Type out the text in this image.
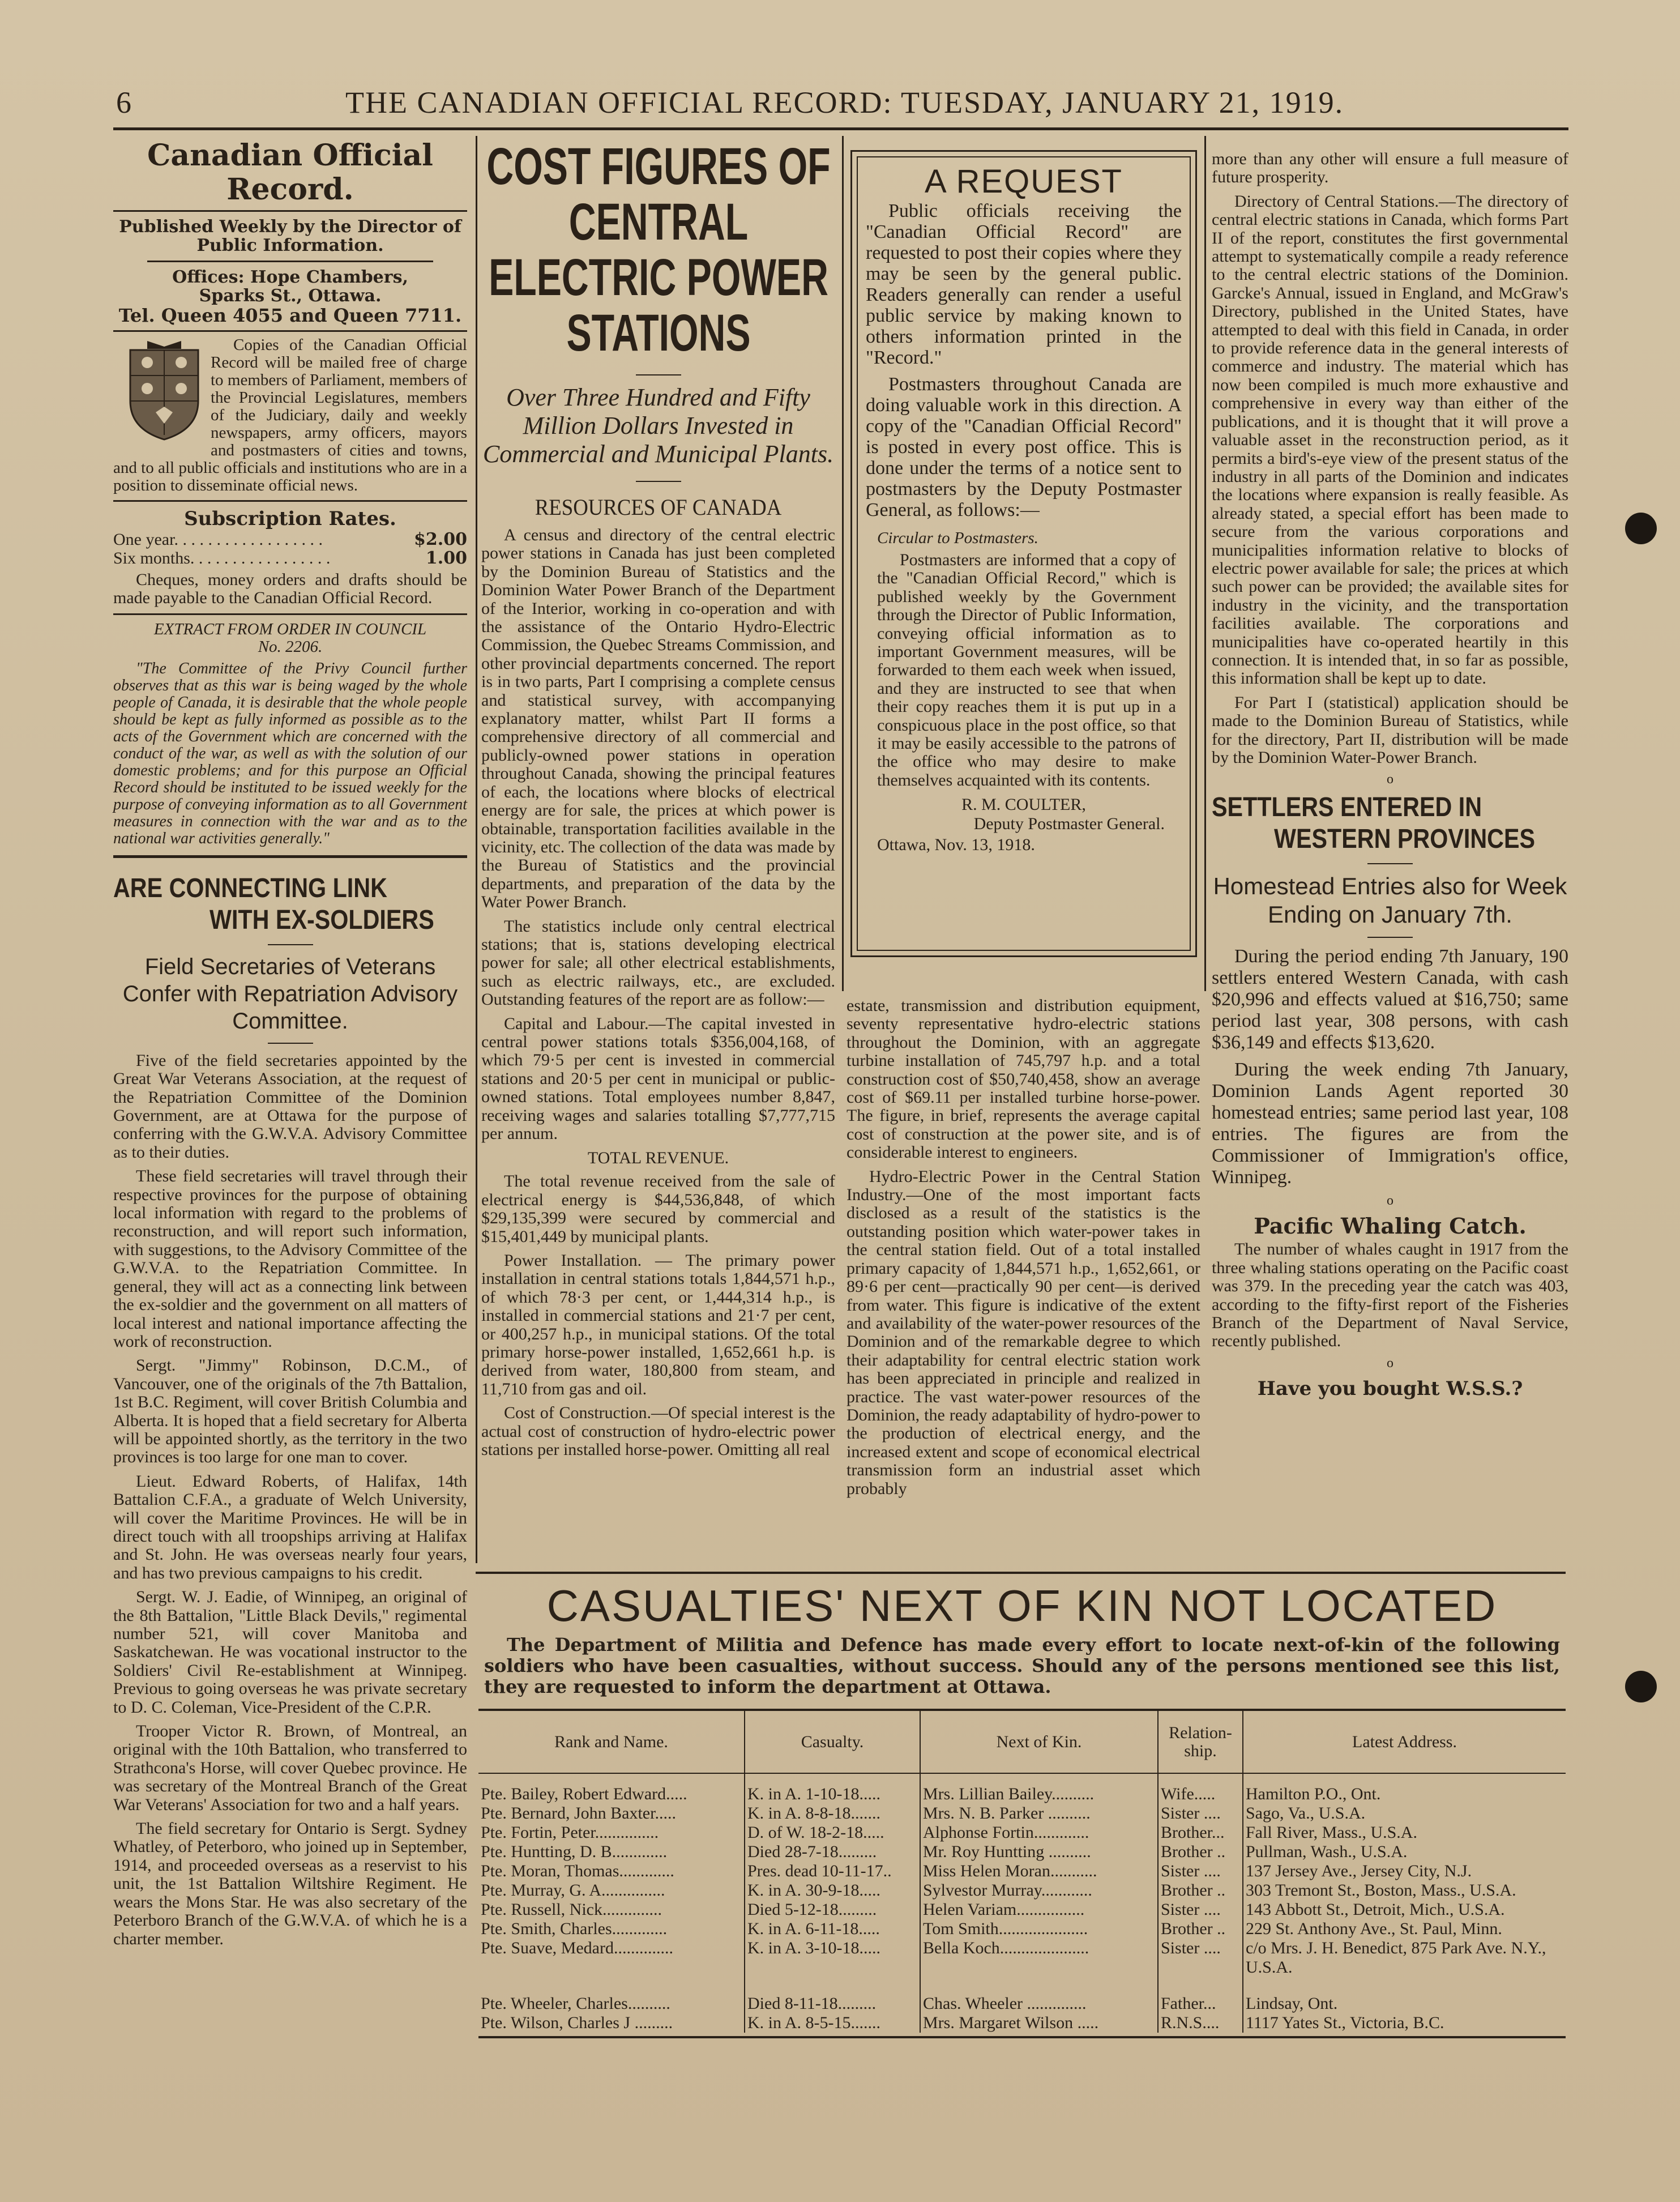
6	THE CANADIAN OFFICIAL RECORD: TUESDAY, JANUARY 21, 1919.
Canadian Official Record.
Published Weekly by the Director of Public Information.
Offices: Hope Chambers,
Sparks St., Ottawa.
Tel. Queen 4055 and Queen 7711.

Copies of the Canadian Official Record will be mailed free of charge to members of Parliament, members of the Provincial Legislatures, members of the Judiciary, daily and weekly newspapers, army officers, mayors and postmasters of cities and towns, and to all public officials and institutions who are in a position to disseminate official news.

Subscription Rates.
One year. . . . . . . . . . . . . . . . . .	$2.00
Six months. . . . . . . . . . . . . . . . .	1.00

Cheques, money orders and drafts should be made payable to the Canadian Official Record.

EXTRACT FROM ORDER IN COUNCIL
No. 2206.

"The Committee of the Privy Council further observes that as this war is being waged by the whole people of Canada, it is desirable that the whole people should be kept as fully informed as possible as to the acts of the Government which are concerned with the conduct of the war, as well as with the solution of our domestic problems; and for this purpose an Official Record should be instituted to be issued weekly for the purpose of conveying information as to all Government measures in connection with the war and as to the national war activities generally."

ARE CONNECTING LINK
WITH EX-SOLDIERS
Field Secretaries of Veterans Confer with Repatriation Advisory Committee.

Five of the field secretaries appointed by the Great War Veterans Association, at the request of the Repatriation Committee of the Dominion Government, are at Ottawa for the purpose of conferring with the G.W.V.A. Advisory Committee as to their duties.

These field secretaries will travel through their respective provinces for the purpose of obtaining local information with regard to the problems of reconstruction, and will report such information, with suggestions, to the Advisory Committee of the G.W.V.A. to the Repatriation Committee. In general, they will act as a connecting link between the ex-soldier and the government on all matters of local interest and national importance affecting the work of reconstruction.

Sergt. "Jimmy" Robinson, D.C.M., of Vancouver, one of the originals of the 7th Battalion, 1st B.C. Regiment, will cover British Columbia and Alberta. It is hoped that a field secretary for Alberta will be appointed shortly, as the territory in the two provinces is too large for one man to cover.

Lieut. Edward Roberts, of Halifax, 14th Battalion C.F.A., a graduate of Welch University, will cover the Maritime Provinces. He will be in direct touch with all troopships arriving at Halifax and St. John. He was overseas nearly four years, and has two previous campaigns to his credit.

Sergt. W. J. Eadie, of Winnipeg, an original of the 8th Battalion, "Little Black Devils," regimental number 521, will cover Manitoba and Saskatchewan. He was vocational instructor to the Soldiers' Civil Re-establishment at Winnipeg. Previous to going overseas he was private secretary to D. C. Coleman, Vice-President of the C.P.R.

Trooper Victor R. Brown, of Montreal, an original with the 10th Battalion, who transferred to Strathcona's Horse, will cover Quebec province. He was secretary of the Montreal Branch of the Great War Veterans' Association for two and a half years.

The field secretary for Ontario is Sergt. Sydney Whatley, of Peterboro, who joined up in September, 1914, and proceeded overseas as a reservist to his unit, the 1st Battalion Wiltshire Regiment. He wears the Mons Star. He was also secretary of the Peterboro Branch of the G.W.V.A. of which he is a charter member.

COST FIGURES OF CENTRAL ELECTRIC POWER STATIONS
Over Three Hundred and Fifty Million Dollars Invested in Commercial and Municipal Plants.
RESOURCES OF CANADA

A census and directory of the central electric power stations in Canada has just been completed by the Dominion Bureau of Statistics and the Dominion Water Power Branch of the Department of the Interior, working in co-operation and with the assistance of the Ontario Hydro-Electric Commission, the Quebec Streams Commission, and other provincial departments concerned. The report is in two parts, Part I comprising a complete census and statistical survey, with accompanying explanatory matter, whilst Part II forms a comprehensive directory of all commercial and publicly-owned power stations in operation throughout Canada, showing the principal features of each, the locations where blocks of electrical energy are for sale, the prices at which power is obtainable, transportation facilities available in the vicinity, etc. The collection of the data was made by the Bureau of Statistics and the provincial departments, and preparation of the data by the Water Power Branch.

The statistics include only central electrical stations; that is, stations developing electrical power for sale; all other electrical establishments, such as electric railways, etc., are excluded. Outstanding features of the report are as follow:—

Capital and Labour.—The capital invested in central power stations totals $356,004,168, of which 79·5 per cent is invested in commercial stations and 20·5 per cent in municipal or public-owned stations. Total employees number 8,847, receiving wages and salaries totalling $7,777,715 per annum.

TOTAL REVENUE.

The total revenue received from the sale of electrical energy is $44,536,848, of which $29,135,399 were secured by commercial and $15,401,449 by municipal plants.

Power Installation. — The primary power installation in central stations totals 1,844,571 h.p., of which 78·3 per cent, or 1,444,314 h.p., is installed in commercial stations and 21·7 per cent, or 400,257 h.p., in municipal stations. Of the total primary horse-power installed, 1,652,661 h.p. is derived from water, 180,800 from steam, and 11,710 from gas and oil.

Cost of Construction.—Of special interest is the actual cost of construction of hydro-electric power stations per installed horse-power. Omitting all real

A REQUEST

Public officials receiving the "Canadian Official Record" are requested to post their copies where they may be seen by the general public. Readers generally can render a useful public service by making known to others information printed in the "Record."

Postmasters throughout Canada are doing valuable work in this direction. A copy of the "Canadian Official Record" is posted in every post office. This is done under the terms of a notice sent to postmasters by the Deputy Postmaster General, as follows:—

Circular to Postmasters.

Postmasters are informed that a copy of the "Canadian Official Record," which is published weekly by the Government through the Director of Public Information, conveying official information as to important Government measures, will be forwarded to them each week when issued, and they are instructed to see that when their copy reaches them it is put up in a conspicuous place in the post office, so that it may be easily accessible to the patrons of the office who may desire to make themselves acquainted with its contents.

R. M. COULTER,
Deputy Postmaster General.
Ottawa, Nov. 13, 1918.

estate, transmission and distribution equipment, seventy representative hydro-electric stations throughout the Dominion, with an aggregate turbine installation of 745,797 h.p. and a total construction cost of $50,740,458, show an average cost of $69.11 per installed turbine horse-power. The figure, in brief, represents the average capital cost of construction at the power site, and is of considerable interest to engineers.

Hydro-Electric Power in the Central Station Industry.—One of the most important facts disclosed as a result of the statistics is the outstanding position which water-power takes in the central station field. Out of a total installed primary capacity of 1,844,571 h.p., 1,652,661, or 89·6 per cent—practically 90 per cent—is derived from water. This figure is indicative of the extent and availability of the water-power resources of the Dominion and of the remarkable degree to which their adaptability for central electric station work has been appreciated in principle and realized in practice. The vast water-power resources of the Dominion, the ready adaptability of hydro-power to the production of electrical energy, and the increased extent and scope of economical electrical transmission form an industrial asset which probably

more than any other will ensure a full measure of future prosperity.

Directory of Central Stations.—The directory of central electric stations in Canada, which forms Part II of the report, constitutes the first governmental attempt to systematically compile a ready reference to the central electric stations of the Dominion. Garcke's Annual, issued in England, and McGraw's Directory, published in the United States, have attempted to deal with this field in Canada, in order to provide reference data in the general interests of commerce and industry. The material which has now been compiled is much more exhaustive and comprehensive in every way than either of the publications, and it is thought that it will prove a valuable asset in the reconstruction period, as it permits a bird's-eye view of the present status of the industry in all parts of the Dominion and indicates the locations where expansion is really feasible. As already stated, a special effort has been made to secure from the various corporations and municipalities information relative to blocks of electric power available for sale; the prices at which such power can be provided; the available sites for industry in the vicinity, and the transportation facilities available. The corporations and municipalities have co-operated heartily in this connection. It is intended that, in so far as possible, this information shall be kept up to date.

For Part I (statistical) application should be made to the Dominion Bureau of Statistics, while for the directory, Part II, distribution will be made by the Dominion Water-Power Branch.

o
SETTLERS ENTERED IN
WESTERN PROVINCES
Homestead Entries also for Week Ending on January 7th.

During the period ending 7th January, 190 settlers entered Western Canada, with cash $20,996 and effects valued at $16,750; same period last year, 308 persons, with cash $36,149 and effects $13,620.

During the week ending 7th January, Dominion Lands Agent reported 30 homestead entries; same period last year, 108 entries. The figures are from the Commissioner of Immigration's office, Winnipeg.

o
Pacific Whaling Catch.

The number of whales caught in 1917 from the three whaling stations operating on the Pacific coast was 379. In the preceding year the catch was 403, according to the fifty-first report of the Fisheries Branch of the Department of Naval Service, recently published.

o
Have you bought W.S.S.?
CASUALTIES' NEXT OF KIN NOT LOCATED

The Department of Militia and Defence has made every effort to locate next-of-kin of the following soldiers who have been casualties, without success. Should any of the persons mentioned see this list, they are requested to inform the department at Ottawa.

Rank and Name.	Casualty.	Next of Kin.	Relation-ship.	Latest Address.

Pte. Bailey, Robert Edward.....	K. in A. 1-10-18.....	Mrs. Lillian Bailey..........	Wife.....	Hamilton P.O., Ont.
Pte. Bernard, John Baxter.....	K. in A. 8-8-18.......	Mrs. N. B. Parker ..........	Sister ....	Sago, Va., U.S.A.
Pte. Fortin, Peter...............	D. of W. 18-2-18.....	Alphonse Fortin.............	Brother...	Fall River, Mass., U.S.A.
Pte. Huntting, D. B.............	Died 28-7-18.........	Mr. Roy Huntting ..........	Brother ..	Pullman, Wash., U.S.A.
Pte. Moran, Thomas.............	Pres. dead 10-11-17..	Miss Helen Moran...........	Sister ....	137 Jersey Ave., Jersey City, N.J.
Pte. Murray, G. A...............	K. in A. 30-9-18.....	Sylvestor Murray............	Brother ..	303 Tremont St., Boston, Mass., U.S.A.
Pte. Russell, Nick..............	Died 5-12-18.........	Helen Variam................	Sister ....	143 Abbott St., Detroit, Mich., U.S.A.
Pte. Smith, Charles.............	K. in A. 6-11-18.....	Tom Smith.....................	Brother ..	229 St. Anthony Ave., St. Paul, Minn.
Pte. Suave, Medard..............	K. in A. 3-10-18.....	Bella Koch.....................	Sister ....	c/o Mrs. J. H. Benedict, 875 Park Ave. N.Y., U.S.A.
Pte. Wheeler, Charles..........	Died 8-11-18.........	Chas. Wheeler ..............	Father...	Lindsay, Ont.
Pte. Wilson, Charles J .........	K. in A. 8-5-15.......	Mrs. Margaret Wilson .....	R.N.S....	1117 Yates St., Victoria, B.C.
